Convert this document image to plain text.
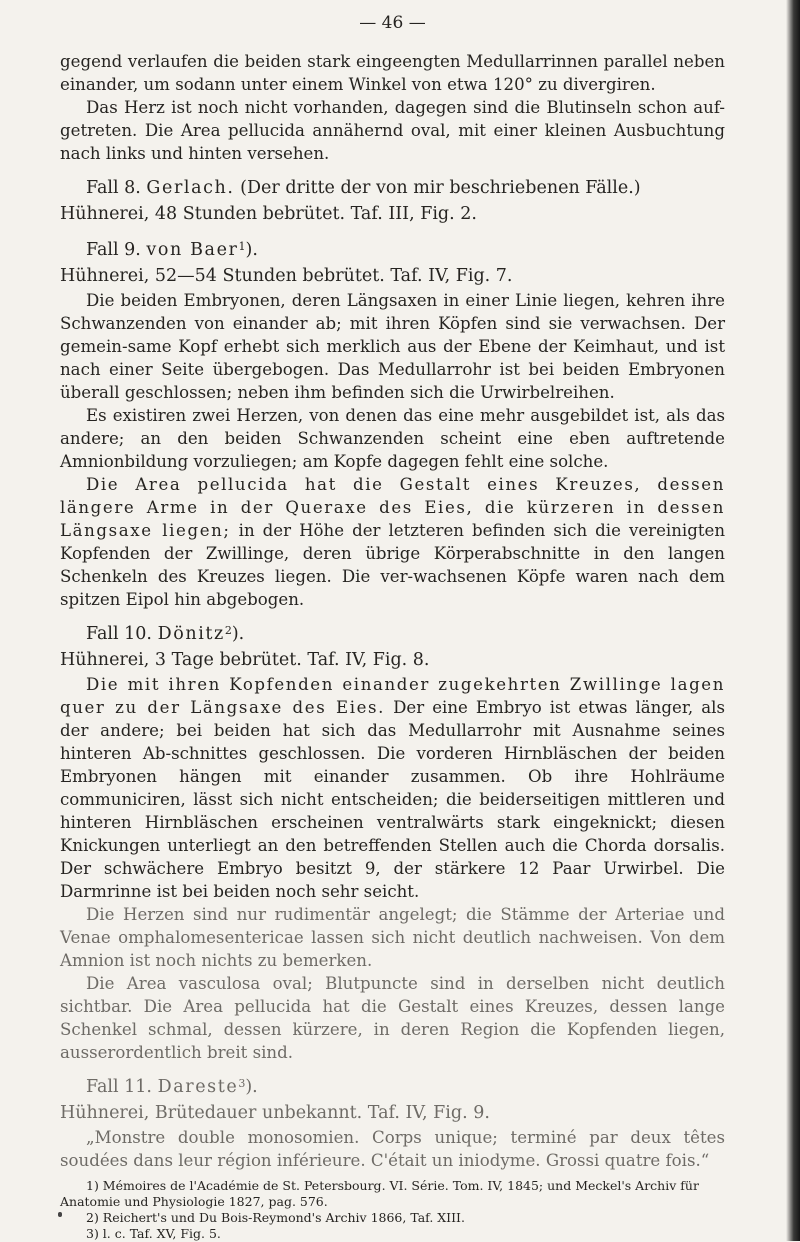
— 46 —

gegend verlaufen die beiden stark eingeengten Medullarrinnen parallel neben einander, um sodann unter einem Winkel von etwa 120° zu divergiren.

Das Herz ist noch nicht vorhanden, dagegen sind die Blutinseln schon auf-getreten. Die Area pellucida annähernd oval, mit einer kleinen Ausbuchtung nach links und hinten versehen.

Fall 8. Gerlach. (Der dritte der von mir beschriebenen Fälle.)
Hühnerei, 48 Stunden bebrütet. Taf. III, Fig. 2.
Fall 9. von Baer$^1$).
Hühnerei, 52—54 Stunden bebrütet. Taf. IV, Fig. 7.

Die beiden Embryonen, deren Längsaxen in einer Linie liegen, kehren ihre Schwanzenden von einander ab; mit ihren Köpfen sind sie verwachsen. Der gemein-same Kopf erhebt sich merklich aus der Ebene der Keimhaut, und ist nach einer Seite übergebogen. Das Medullarrohr ist bei beiden Embryonen überall geschlossen; neben ihm befinden sich die Urwirbelreihen.

Es existiren zwei Herzen, von denen das eine mehr ausgebildet ist, als das andere; an den beiden Schwanzenden scheint eine eben auftretende Amnionbildung vorzuliegen; am Kopfe dagegen fehlt eine solche.

Die Area pellucida hat die Gestalt eines Kreuzes, dessen längere Arme in der Queraxe des Eies, die kürzeren in dessen Längsaxe liegen; in der Höhe der letzteren befinden sich die vereinigten Kopfenden der Zwillinge, deren übrige Körperabschnitte in den langen Schenkeln des Kreuzes liegen. Die ver-wachsenen Köpfe waren nach dem spitzen Eipol hin abgebogen.

Fall 10. Dönitz$^2$).
Hühnerei, 3 Tage bebrütet. Taf. IV, Fig. 8.

Die mit ihren Kopfenden einander zugekehrten Zwillinge lagen quer zu der Längsaxe des Eies. Der eine Embryo ist etwas länger, als der andere; bei beiden hat sich das Medullarrohr mit Ausnahme seines hinteren Ab-schnittes geschlossen. Die vorderen Hirnbläschen der beiden Embryonen hängen mit einander zusammen. Ob ihre Hohlräume communiciren, lässt sich nicht entscheiden; die beiderseitigen mittleren und hinteren Hirnbläschen erscheinen ventralwärts stark eingeknickt; diesen Knickungen unterliegt an den betreffenden Stellen auch die Chorda dorsalis. Der schwächere Embryo besitzt 9, der stärkere 12 Paar Urwirbel. Die Darmrinne ist bei beiden noch sehr seicht.

Die Herzen sind nur rudimentär angelegt; die Stämme der Arteriae und Venae omphalomesentericae lassen sich nicht deutlich nachweisen. Von dem Amnion ist noch nichts zu bemerken.

Die Area vasculosa oval; Blutpuncte sind in derselben nicht deutlich sichtbar. Die Area pellucida hat die Gestalt eines Kreuzes, dessen lange Schenkel schmal, dessen kürzere, in deren Region die Kopfenden liegen, ausserordentlich breit sind.

Fall 11. Dareste$^3$).
Hühnerei, Brütedauer unbekannt. Taf. IV, Fig. 9.

„Monstre double monosomien. Corps unique; terminé par deux têtes soudées dans leur région inférieure. C'était un iniodyme. Grossi quatre fois.“

1) Mémoires de l'Académie de St. Petersbourg. VI. Série. Tom. IV, 1845; und Meckel's Archiv für Anatomie und Physiologie 1827, pag. 576.
2) Reichert's und Du Bois-Reymond's Archiv 1866, Taf. XIII.
3) l. c. Taf. XV, Fig. 5.
